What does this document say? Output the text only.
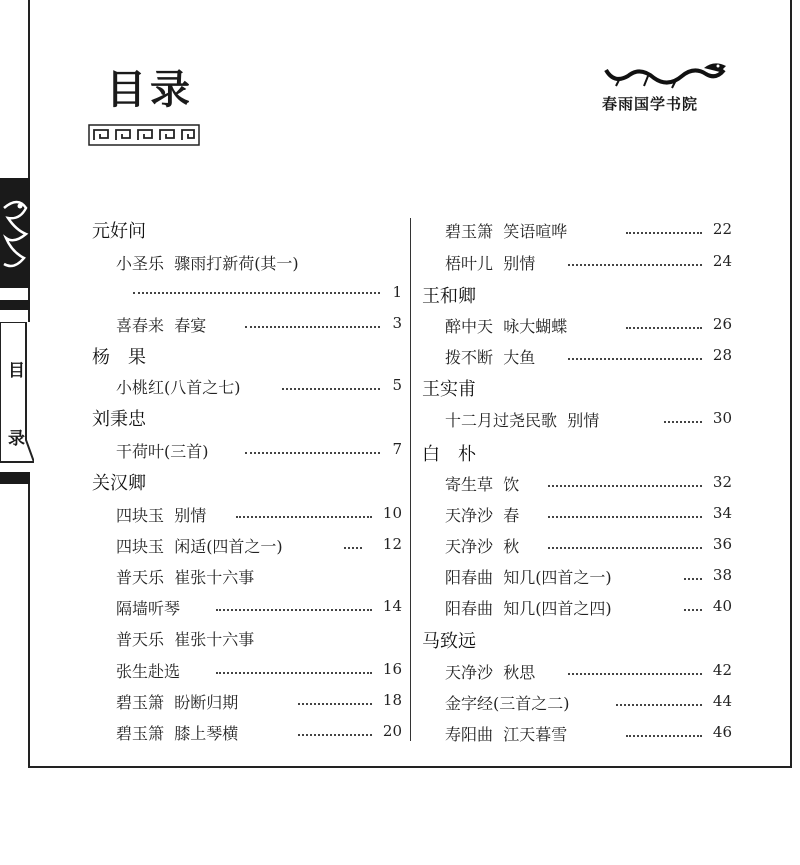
目
录
目录	春雨国学书院
元好问
小圣乐 骤雨打新荷(其一)
1
喜春来 春宴	3
杨　果
小桃红(八首之七)	5
刘秉忠
干荷叶(三首)	7
关汉卿
四块玉 别情	10
四块玉 闲适(四首之一)	12
普天乐 崔张十六事
隔墙听琴	14
普天乐 崔张十六事
张生赴选	16
碧玉箫 盼断归期	18
碧玉箫 膝上琴横	20
碧玉箫 笑语喧哗	22
梧叶儿 别情	24
王和卿
醉中天 咏大蝴蝶	26
拨不断 大鱼	28
王实甫
十二月过尧民歌 别情	30
白　朴
寄生草 饮	32
天净沙 春	34
天净沙 秋	36
阳春曲 知几(四首之一)	38
阳春曲 知几(四首之四)	40
马致远
天净沙 秋思	42
金字经(三首之二)	44
寿阳曲 江天暮雪	46
